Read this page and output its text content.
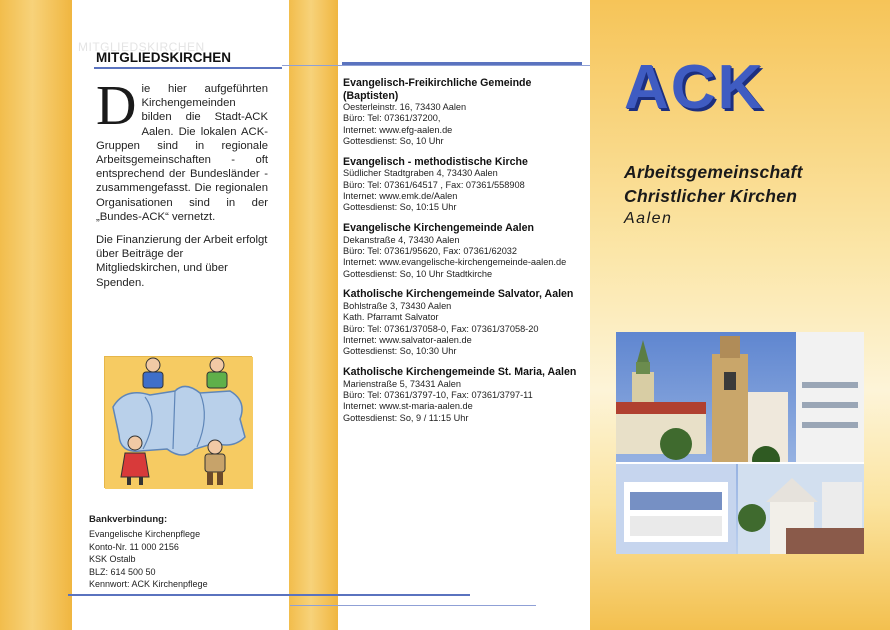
MITGLIEDSKIRCHEN
MITGLIEDSKIRCHEN
D ie hier aufgeführten Kirchengemeinden bilden die Stadt-ACK Aalen. Die lokalen ACK-Gruppen sind in regionale Arbeitsgemeinschaften - oft entsprechend der Bundesländer - zusammengefasst. Die regionalen Organisationen sind in der „Bundes-ACK“ vernetzt.
Die Finanzierung der Arbeit erfolgt über Beiträge der Mitgliedskirchen, und über Spenden.
Bankverbindung:
Evangelische Kirchenpflege
Konto-Nr. 11 000 2156
KSK Ostalb
BLZ: 614 500 50
Kennwort: ACK Kirchenpflege
Evangelisch-Freikirchliche Gemeinde (Baptisten)
Oesterleinstr. 16, 73430 Aalen
Büro: Tel: 07361/37200,
Internet: www.efg-aalen.de
Gottesdienst: So, 10 Uhr
Evangelisch - methodistische Kirche
Südlicher Stadtgraben 4, 73430 Aalen
Büro: Tel: 07361/64517 , Fax: 07361/558908
Internet: www.emk.de/Aalen
Gottesdienst: So, 10:15 Uhr
Evangelische Kirchengemeinde Aalen
Dekanstraße 4, 73430 Aalen
Büro: Tel: 07361/95620, Fax: 07361/62032
Internet: www.evangelische-kirchengemeinde-aalen.de
Gottesdienst: So, 10 Uhr Stadtkirche
Katholische Kirchengemeinde Salvator, Aalen
Bohlstraße 3, 73430 Aalen
Kath. Pfarramt Salvator
Büro: Tel: 07361/37058-0, Fax: 07361/37058-20
Internet: www.salvator-aalen.de
Gottesdienst: So, 10:30 Uhr
Katholische Kirchengemeinde St. Maria, Aalen
Marienstraße 5, 73431 Aalen
Büro: Tel: 07361/3797-10, Fax: 07361/3797-11
Internet: www.st-maria-aalen.de
Gottesdienst: So, 9 / 11:15 Uhr
ACK
Arbeitsgemeinschaft
Christlicher Kirchen
Aalen
